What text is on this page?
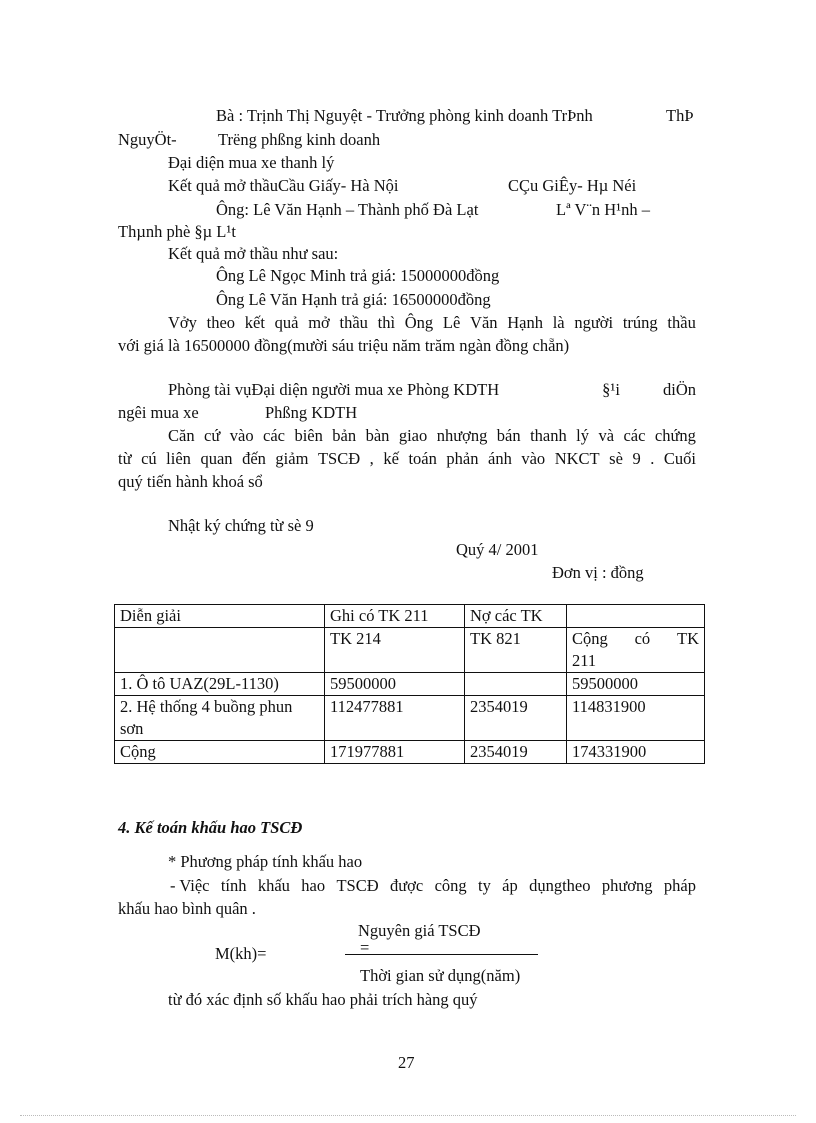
Bà : Trịnh Thị Nguyệt - Trưởng phòng kinh doanh TrÞnh	ThÞ
NguyÖt-	Trëng phßng kinh doanh
Đại diện mua xe thanh lý
Kết quả mở thầuCầu Giấy- Hà Nội	CÇu GiÊy- Hµ Néi
Ông: Lê Văn Hạnh – Thành phố Đà Lạt	Lª V¨n H¹nh –
Thµnh phè §µ L¹t
Kết quả mở thầu như sau:
Ông Lê Ngọc Minh trả giá: 15000000đồng
Ông Lê Văn Hạnh trả giá: 16500000đồng
Vởy theo kết quả mở thầu thì Ông Lê Văn Hạnh là người trúng thầu
với giá là 16500000 đồng(mười sáu triệu năm trăm ngàn đồng chẵn)
Phòng tài vụĐại diện người mua xe Phòng KDTH	§¹i	diÖn
ngêi mua xe	Phßng KDTH
Căn cứ vào các biên bản bàn giao nhượng bán thanh lý và các chứng
từ cú liên quan đến giảm TSCĐ , kế toán phản ánh vào NKCT sè 9 . Cuối
quý tiến hành khoá sổ
Nhật ký chứng từ sè 9
Quý 4/ 2001
Đơn vị : đồng
Diễn giải	Ghi có TK 211	Nợ các TK	
	TK 214	TK 821	Cộng có TK
211

1. Ô tô UAZ(29L-1130)	59500000		59500000
2. Hệ thống 4 buồng phun sơn	112477881	2354019	114831900
Cộng	171977881	2354019	174331900
4. Kế toán khấu hao TSCĐ
* Phương pháp tính khấu hao
- Việc tính khấu hao TSCĐ được công ty áp dụngtheo phương pháp
khấu hao bình quân .
Nguyên giá TSCĐ
M(kh)=	=
Thời gian sử dụng(năm)
từ đó xác định số khấu hao phải trích hàng quý
27
